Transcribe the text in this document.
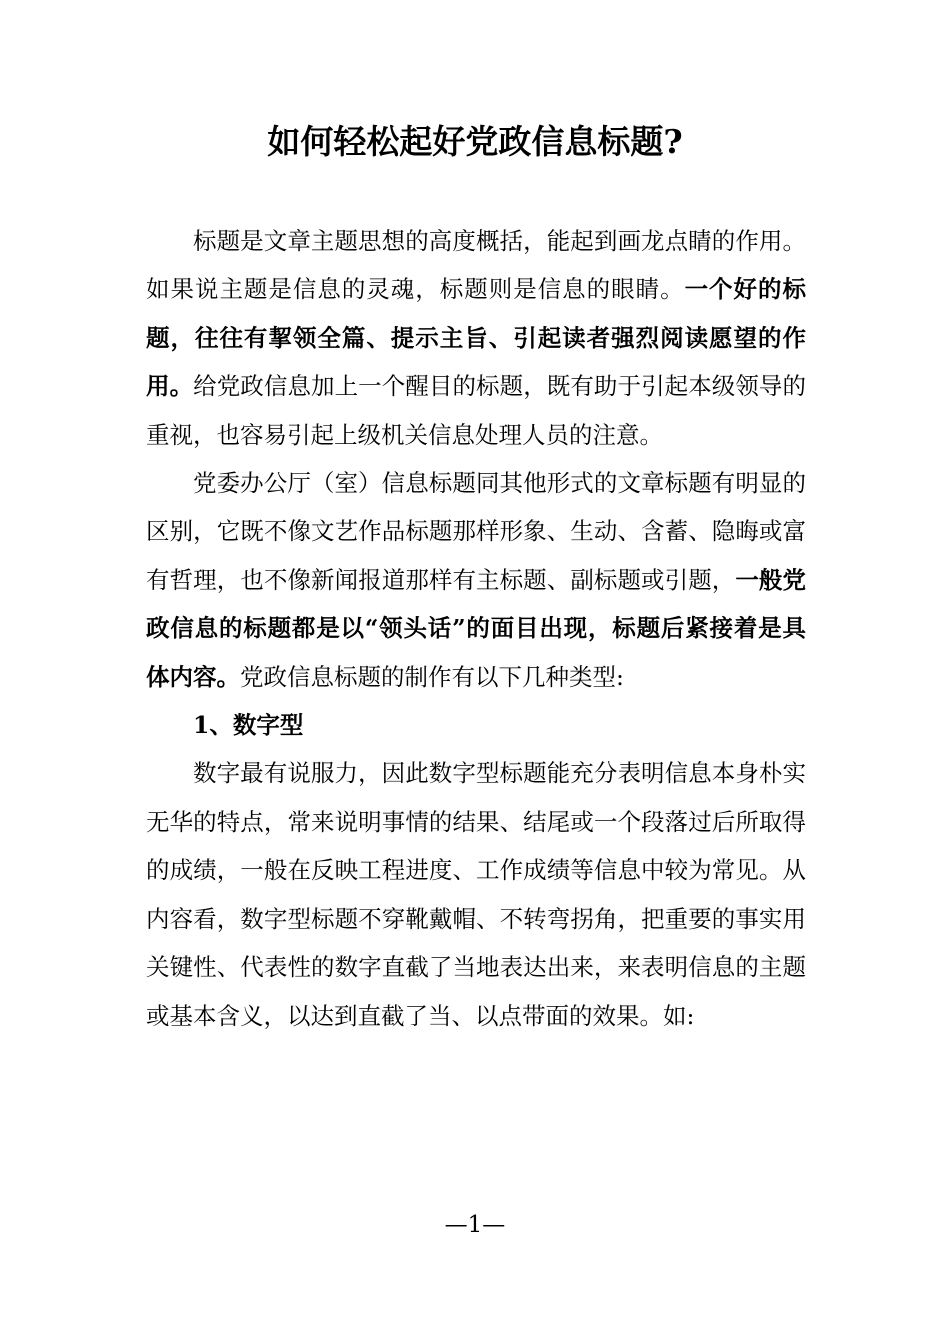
如何轻松起好党政信息标题?

标题是文章主题思想的高度概括，能起到画龙点睛的作用。如果说主题是信息的灵魂，标题则是信息的眼睛。一个好的标题，往往有挈领全篇、提示主旨、引起读者强烈阅读愿望的作用。给党政信息加上一个醒目的标题，既有助于引起本级领导的重视，也容易引起上级机关信息处理人员的注意。

党委办公厅（室）信息标题同其他形式的文章标题有明显的区别，它既不像文艺作品标题那样形象、生动、含蓄、隐晦或富有哲理，也不像新闻报道那样有主标题、副标题或引题，一般党政信息的标题都是以“领头话”的面目出现，标题后紧接着是具体内容。党政信息标题的制作有以下几种类型:

1、数字型

数字最有说服力，因此数字型标题能充分表明信息本身朴实无华的特点，常来说明事情的结果、结尾或一个段落过后所取得的成绩，一般在反映工程进度、工作成绩等信息中较为常见。从内容看，数字型标题不穿靴戴帽、不转弯拐角，把重要的事实用关键性、代表性的数字直截了当地表达出来，来表明信息的主题或基本含义，以达到直截了当、以点带面的效果。如:

—1—
